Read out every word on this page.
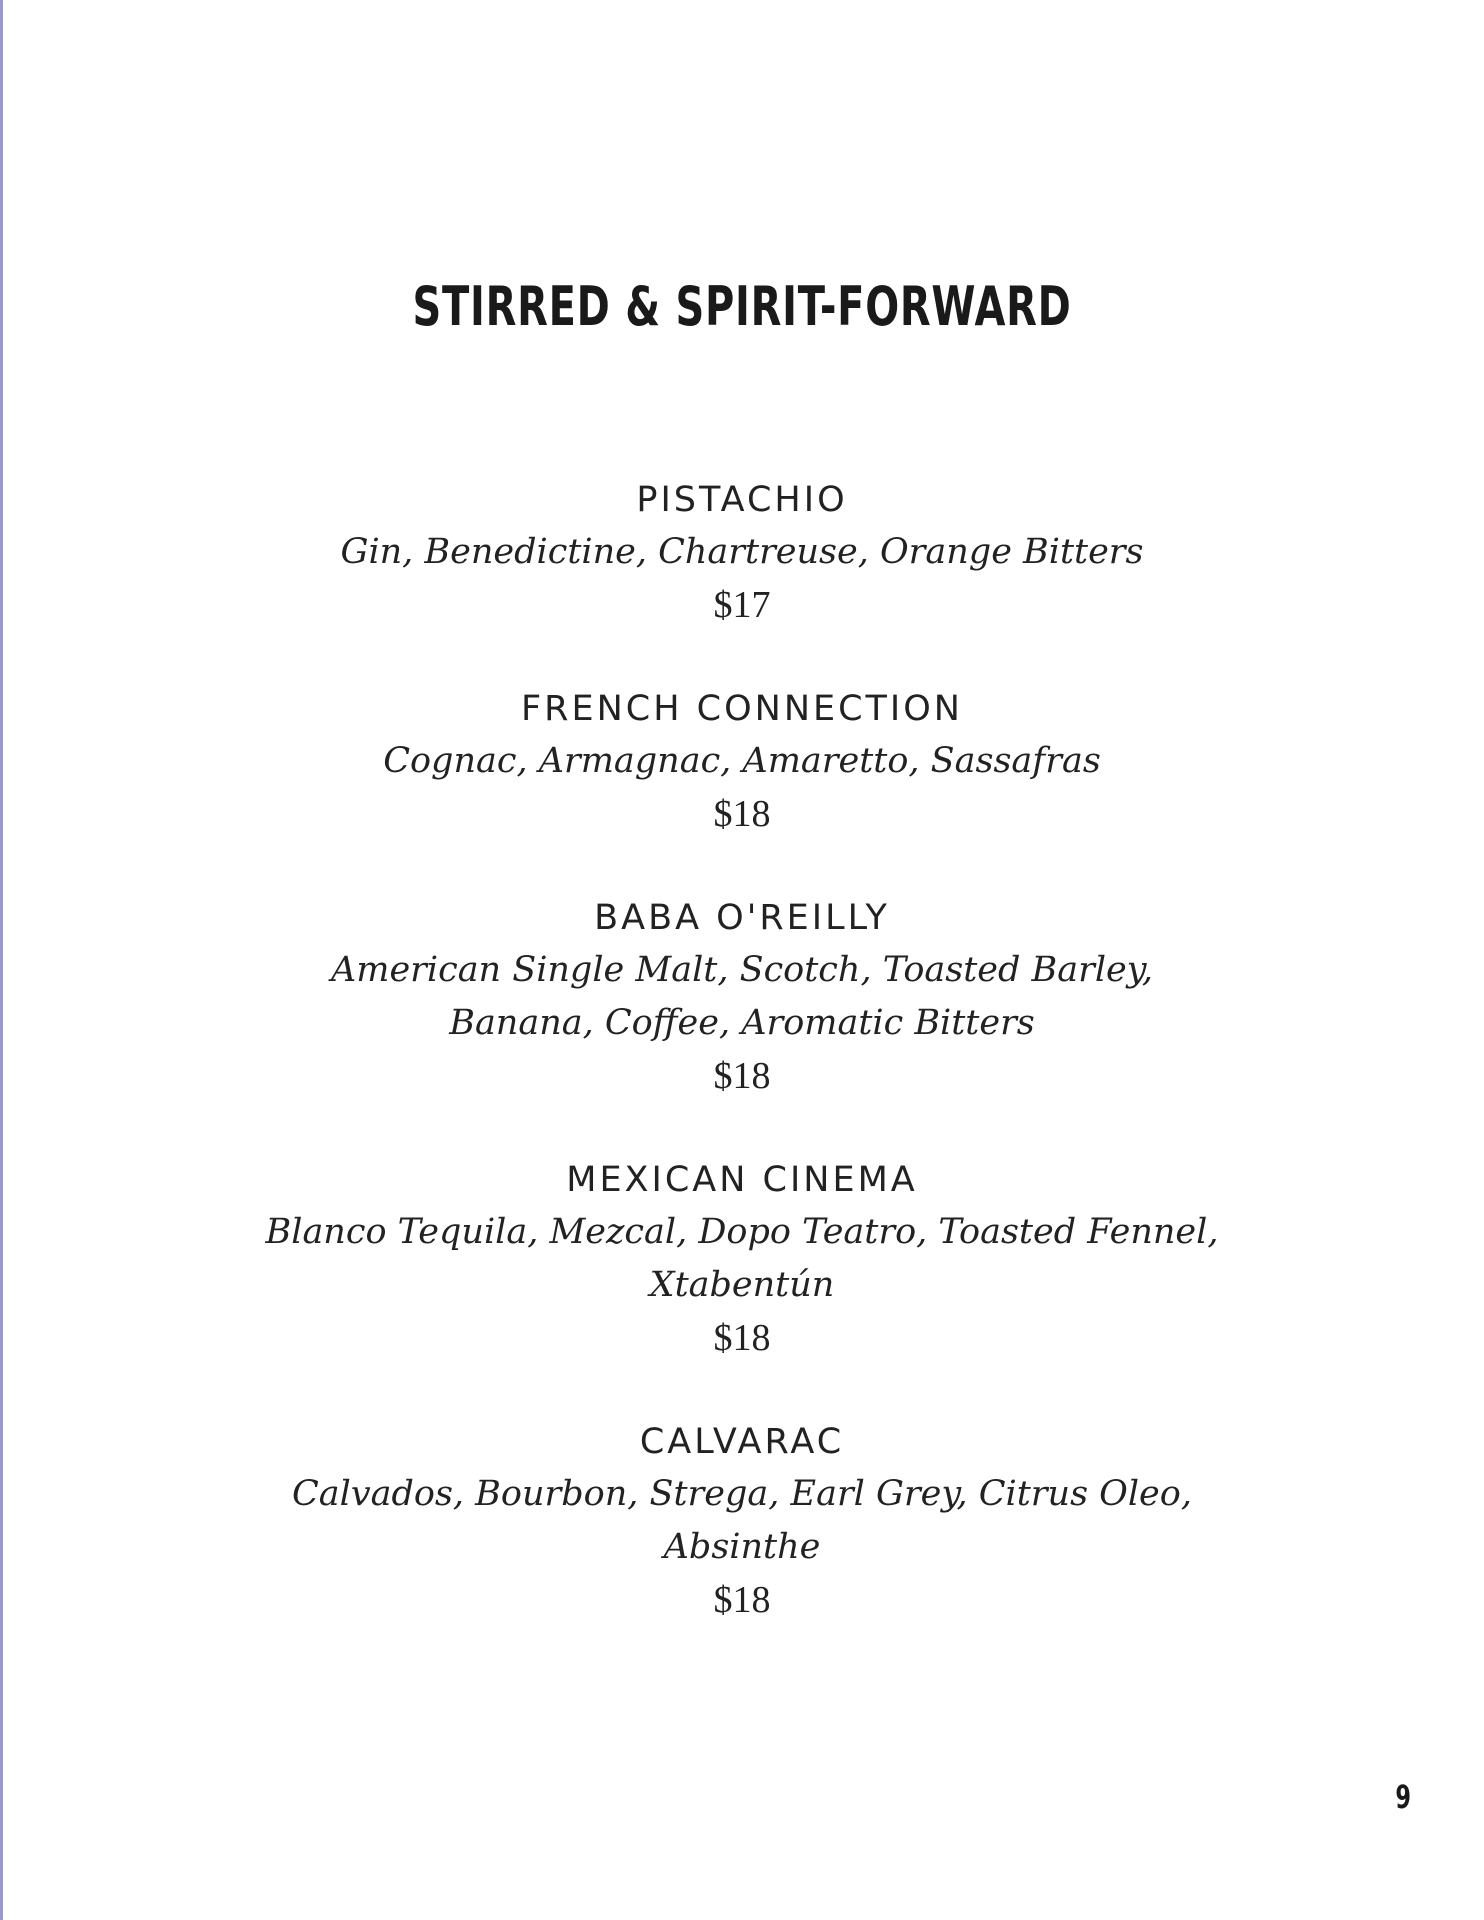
STIRRED & SPIRIT-FORWARD
PISTACHIO
Gin, Benedictine, Chartreuse, Orange Bitters
$17
FRENCH CONNECTION
Cognac, Armagnac, Amaretto, Sassafras
$18
BABA O'REILLY
American Single Malt, Scotch, Toasted Barley,
Banana, Coffee, Aromatic Bitters
$18
MEXICAN CINEMA
Blanco Tequila, Mezcal, Dopo Teatro, Toasted Fennel,
Xtabentún
$18
CALVARAC
Calvados, Bourbon, Strega, Earl Grey, Citrus Oleo,
Absinthe
$18
9
